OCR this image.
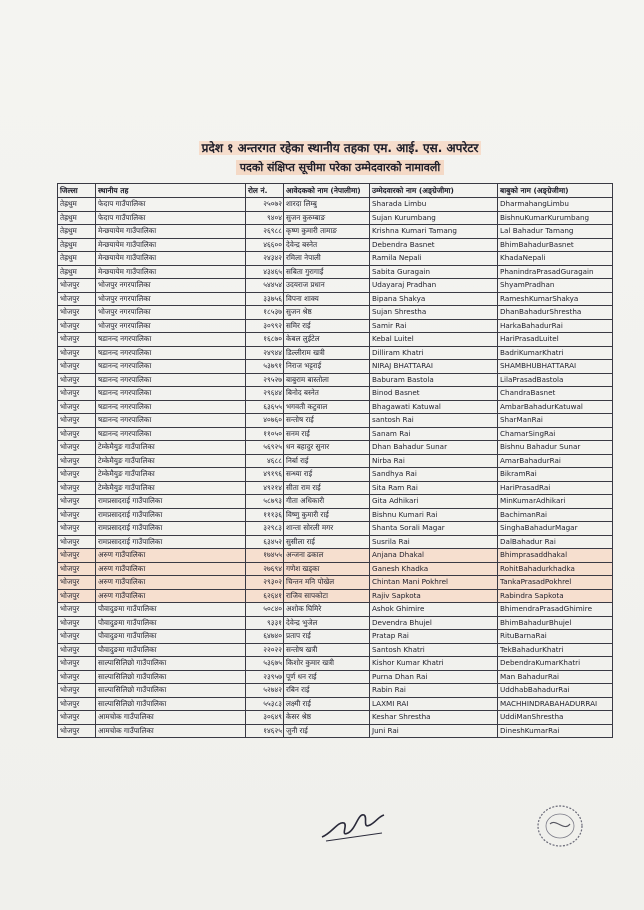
प्रदेश १ अन्तरगत रहेका स्थानीय तहका एम. आई. एस. अपरेटर
पदको संक्षिप्त सूचीमा परेका उम्मेदवारको नामावली
जिल्ला	स्थानीय तह	रोल नं.	आवेदकको नाम (नेपालीमा)	उम्मेदवारको नाम (अङ्ग्रेजीमा)	बाबुको नाम (अङ्ग्रेजीमा)
तेह्रथुम	फेदाप गाउँपालिका	२५०७२	शारदा लिम्बु	Sharada Limbu	DharmahangLimbu
तेह्रथुम	फेदाप गाउँपालिका	९४०४	सुजन कुरुम्बाङ	Sujan Kurumbang	BishnuKumarKurumbang
तेह्रथुम	मेन्छयायेम गाउँपालिका	२६९८८	कृष्ण कुमारी तामाङ	Krishna Kumari Tamang	Lal Bahadur Tamang
तेह्रथुम	मेन्छयायेम गाउँपालिका	४६६००	देवेन्द्र बस्नेत	Debendra Basnet	BhimBahadurBasnet
तेह्रथुम	मेन्छयायेम गाउँपालिका	२४३४२	रमिला नेपाली	Ramila Nepali	KhadaNepali
तेह्रथुम	मेन्छयायेम गाउँपालिका	४३४६५	सबिता गुरागाईं	Sabita Guragain	PhanindraPrasadGuragain
भोजपुर	भोजपुर नगरपालिका	५४४५४	उदयराज प्रधान	Udayaraj Pradhan	ShyamPradhan
भोजपुर	भोजपुर नगरपालिका	३३७५६	विपना शाक्य	Bipana Shakya	RameshKumarShakya
भोजपुर	भोजपुर नगरपालिका	१८५३७	सुजन श्रेष्ठ	Sujan Shrestha	DhanBahadurShrestha
भोजपुर	भोजपुर नगरपालिका	३०९९२	समिर राई	Samir Rai	HarkaBahadurRai
भोजपुर	षडानन्द नगरपालिका	१६८७०	केबल लुईटेल	Kebal Luitel	HariPrasadLuitel
भोजपुर	षडानन्द नगरपालिका	२४९४४	डिल्लीराम खत्री	Dilliram Khatri	BadriKumarKhatri
भोजपुर	षडानन्द नगरपालिका	५३७९१	निराज भट्टराई	NIRAJ BHATTARAI	SHAMBHUBHATTARAI
भोजपुर	षडानन्द नगरपालिका	२९५२७	बाबुराम बास्तोला	Baburam Bastola	LilaPrasadBastola
भोजपुर	षडानन्द नगरपालिका	२९६४४	बिनोद बस्नेत	Binod Basnet	ChandraBasnet
भोजपुर	षडानन्द नगरपालिका	६३६५५	भगवती कटुवाल	Bhagawati Katuwal	AmbarBahadurKatuwal
भोजपुर	षडानन्द नगरपालिका	४०७६०	सन्तोष राई	santosh Rai	SharManRai
भोजपुर	षडानन्द नगरपालिका	११०५०	सनम राई	Sanam Rai	ChamarSingRai
भोजपुर	टेम्केमैयुङ गाउँपालिका	५६९२५	धन बहादुर सुनार	Dhan Bahadur Sunar	Bishnu Bahadur Sunar
भोजपुर	टेम्केमैयुङ गाउँपालिका	४६८८	निर्बा राई	Nirba Rai	AmarBahadurRai
भोजपुर	टेम्केमैयुङ गाउँपालिका	४९१९६	सन्ध्या राई	Sandhya Rai	BikramRai
भोजपुर	टेम्केमैयुङ गाउँपालिका	४९२१४	सीता राम राई	Sita Ram Rai	HariPrasadRai
भोजपुर	रामप्रसादराई गाउँपालिका	५८७९३	गीता अधिकारी	Gita Adhikari	MinKumarAdhikari
भोजपुर	रामप्रसादराई गाउँपालिका	१११३६	विष्णु कुमारी राई	Bishnu Kumari Rai	BachimanRai
भोजपुर	रामप्रसादराई गाउँपालिका	३२९८३	शान्ता सोरली मगर	Shanta Sorali Magar	SinghaBahadurMagar
भोजपुर	रामप्रसादराई गाउँपालिका	६३४५२	सुसीला राई	Susrila Rai	DalBahadur Rai
भोजपुर	अरुण गाउँपालिका	१७४५५	अन्जना ढकाल	Anjana Dhakal	Bhimprasaddhakal
भोजपुर	अरुण गाउँपालिका	२७६९४	गणेश खड्का	Ganesh Khadka	RohitBahadurkhadka
भोजपुर	अरुण गाउँपालिका	२९३०२	चिन्तन मनि पोखेल	Chintan Mani Pokhrel	TankaPrasadPokhrel
भोजपुर	अरुण गाउँपालिका	६२६४१	राजिव सापकोटा	Rajiv Sapkota	Rabindra Sapkota
भोजपुर	पौवादुङमा गाउँपालिका	५०८४०	अशोक घिमिरे	Ashok Ghimire	BhimendraPrasadGhimire
भोजपुर	पौवादुङमा गाउँपालिका	९३३१	देवेन्द्र भुजेल	Devendra Bhujel	BhimBahadurBhujel
भोजपुर	पौवादुङमा गाउँपालिका	६४७४०	प्रताप राई	Pratap Rai	RituBarnaRai
भोजपुर	पौवादुङमा गाउँपालिका	२२०२२	सन्तोष खत्री	Santosh Khatri	TekBahadurKhatri
भोजपुर	साल्पासिलिछो गाउँपालिका	५३६७५	किशोर कुमार खत्री	Kishor Kumar Khatri	DebendraKumarKhatri
भोजपुर	साल्पासिलिछो गाउँपालिका	२३९५७	पूर्ण धन राई	Purna Dhan Rai	Man BahadurRai
भोजपुर	साल्पासिलिछो गाउँपालिका	५२७४२	रबिन राई	Rabin Rai	UddhabBahadurRai
भोजपुर	साल्पासिलिछो गाउँपालिका	५५३८३	लक्ष्मी राई	LAXMI RAI	MACHHINDRABAHADURRAI
भोजपुर	आमचोक गाउँपालिका	३०६४९	केसर श्रेष्ठ	Keshar Shrestha	UddiManShrestha
भोजपुर	आमचोक गाउँपालिका	१४६२५	जुनी राई	Juni Rai	DineshKumarRai
